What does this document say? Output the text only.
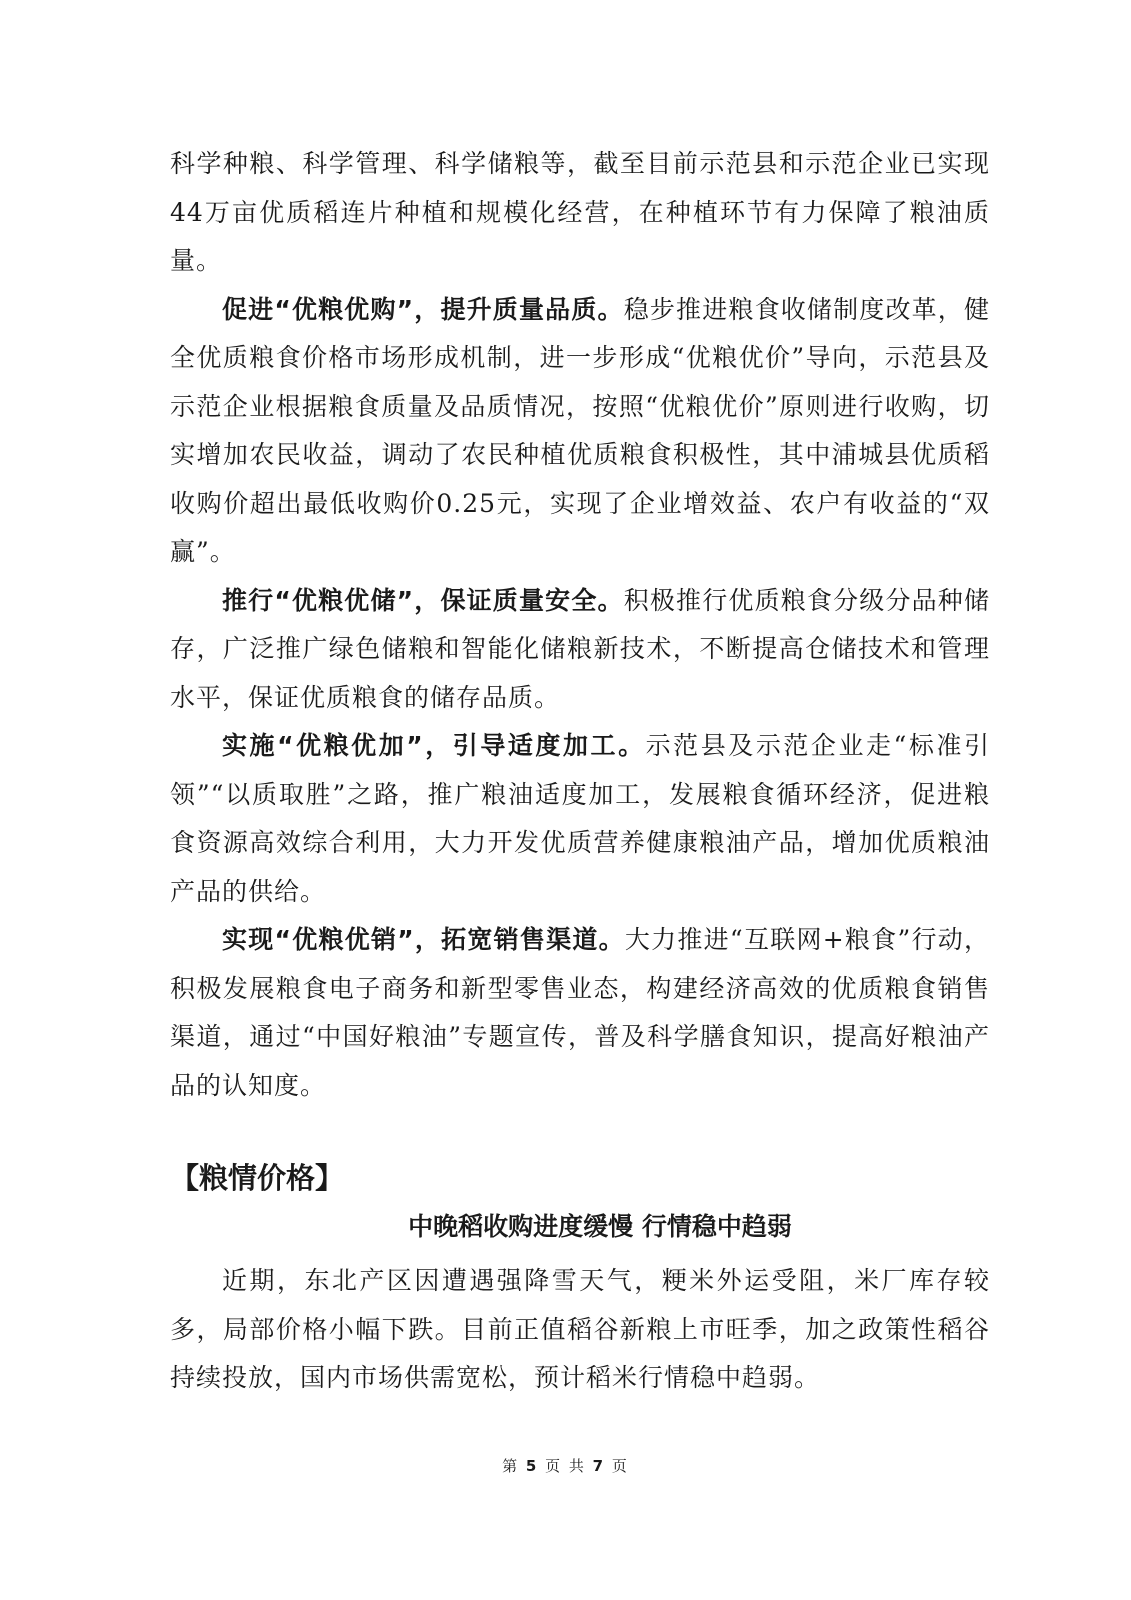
科学种粮、科学管理、科学储粮等，截至目前示范县和示范企业已实现44万亩优质稻连片种植和规模化经营，在种植环节有力保障了粮油质量。

促进“优粮优购”，提升质量品质。稳步推进粮食收储制度改革，健全优质粮食价格市场形成机制，进一步形成“优粮优价”导向，示范县及示范企业根据粮食质量及品质情况，按照“优粮优价”原则进行收购，切实增加农民收益，调动了农民种植优质粮食积极性，其中浦城县优质稻收购价超出最低收购价0.25元，实现了企业增效益、农户有收益的“双赢”。

推行“优粮优储”，保证质量安全。积极推行优质粮食分级分品种储存，广泛推广绿色储粮和智能化储粮新技术，不断提高仓储技术和管理水平，保证优质粮食的储存品质。

实施“优粮优加”，引导适度加工。示范县及示范企业走“标准引领”“以质取胜”之路，推广粮油适度加工，发展粮食循环经济，促进粮食资源高效综合利用，大力开发优质营养健康粮油产品，增加优质粮油产品的供给。

实现“优粮优销”，拓宽销售渠道。大力推进“互联网+粮食”行动，积极发展粮食电子商务和新型零售业态，构建经济高效的优质粮食销售渠道，通过“中国好粮油”专题宣传，普及科学膳食知识，提高好粮油产品的认知度。

【粮情价格】
中晚稻收购进度缓慢 行情稳中趋弱

近期，东北产区因遭遇强降雪天气，粳米外运受阻，米厂库存较多，局部价格小幅下跌。目前正值稻谷新粮上市旺季，加之政策性稻谷持续投放，国内市场供需宽松，预计稻米行情稳中趋弱。

第 5 页 共 7 页
